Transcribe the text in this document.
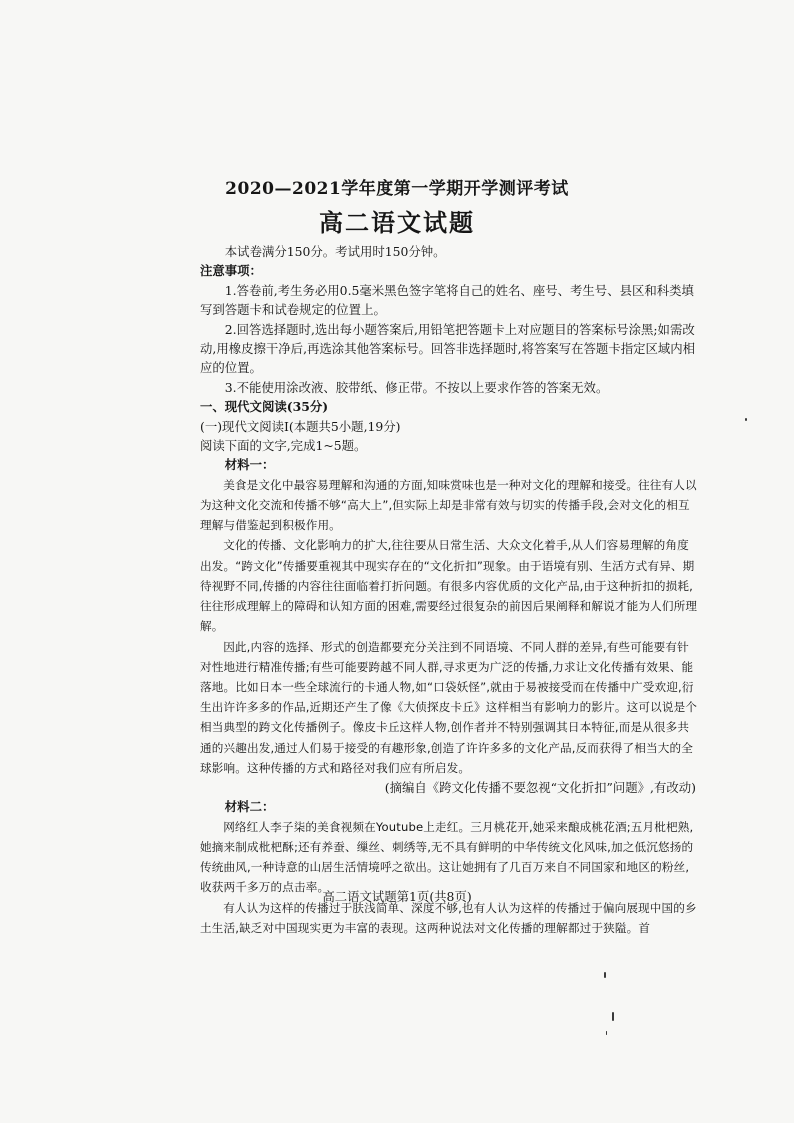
2020—2021学年度第一学期开学测评考试
高二语文试题

本试卷满分150分。考试用时150分钟。

注意事项：

1.答卷前,考生务必用0.5毫米黑色签字笔将自己的姓名、座号、考生号、县区和科类填写到答题卡和试卷规定的位置上。

2.回答选择题时,选出每小题答案后,用铅笔把答题卡上对应题目的答案标号涂黑;如需改动,用橡皮擦干净后,再选涂其他答案标号。回答非选择题时,将答案写在答题卡指定区域内相应的位置。

3.不能使用涂改液、胶带纸、修正带。不按以上要求作答的答案无效。

一、现代文阅读(35分)

(一)现代文阅读Ⅰ(本题共5小题,19分)

阅读下面的文字,完成1~5题。

材料一：

美食是文化中最容易理解和沟通的方面,知味赏味也是一种对文化的理解和接受。往往有人以为这种文化交流和传播不够“高大上”,但实际上却是非常有效与切实的传播手段,会对文化的相互理解与借鉴起到积极作用。

文化的传播、文化影响力的扩大,往往要从日常生活、大众文化着手,从人们容易理解的角度出发。“跨文化”传播要重视其中现实存在的“文化折扣”现象。由于语境有别、生活方式有异、期待视野不同,传播的内容往往面临着打折问题。有很多内容优质的文化产品,由于这种折扣的损耗,往往形成理解上的障碍和认知方面的困难,需要经过很复杂的前因后果阐释和解说才能为人们所理解。

因此,内容的选择、形式的创造都要充分关注到不同语境、不同人群的差异,有些可能要有针对性地进行精准传播;有些可能要跨越不同人群,寻求更为广泛的传播,力求让文化传播有效果、能落地。比如日本一些全球流行的卡通人物,如“口袋妖怪”,就由于易被接受而在传播中广受欢迎,衍生出许许多多的作品,近期还产生了像《大侦探皮卡丘》这样相当有影响力的影片。这可以说是个相当典型的跨文化传播例子。像皮卡丘这样人物,创作者并不特别强调其日本特征,而是从很多共通的兴趣出发,通过人们易于接受的有趣形象,创造了许许多多的文化产品,反而获得了相当大的全球影响。这种传播的方式和路径对我们应有所启发。

(摘编自《跨文化传播不要忽视“文化折扣”问题》,有改动)

材料二：

网络红人李子柒的美食视频在Youtube上走红。三月桃花开,她采来酿成桃花酒;五月枇杷熟,她摘来制成枇杷酥;还有养蚕、缫丝、刺绣等,无不具有鲜明的中华传统文化风味,加之低沉悠扬的传统曲风,一种诗意的山居生活情境呼之欲出。这让她拥有了几百万来自不同国家和地区的粉丝,收获两千多万的点击率。

有人认为这样的传播过于肤浅简单、深度不够,也有人认为这样的传播过于偏向展现中国的乡土生活,缺乏对中国现实更为丰富的表现。这两种说法对文化传播的理解都过于狭隘。首

高二语文试题第1页(共8页)
